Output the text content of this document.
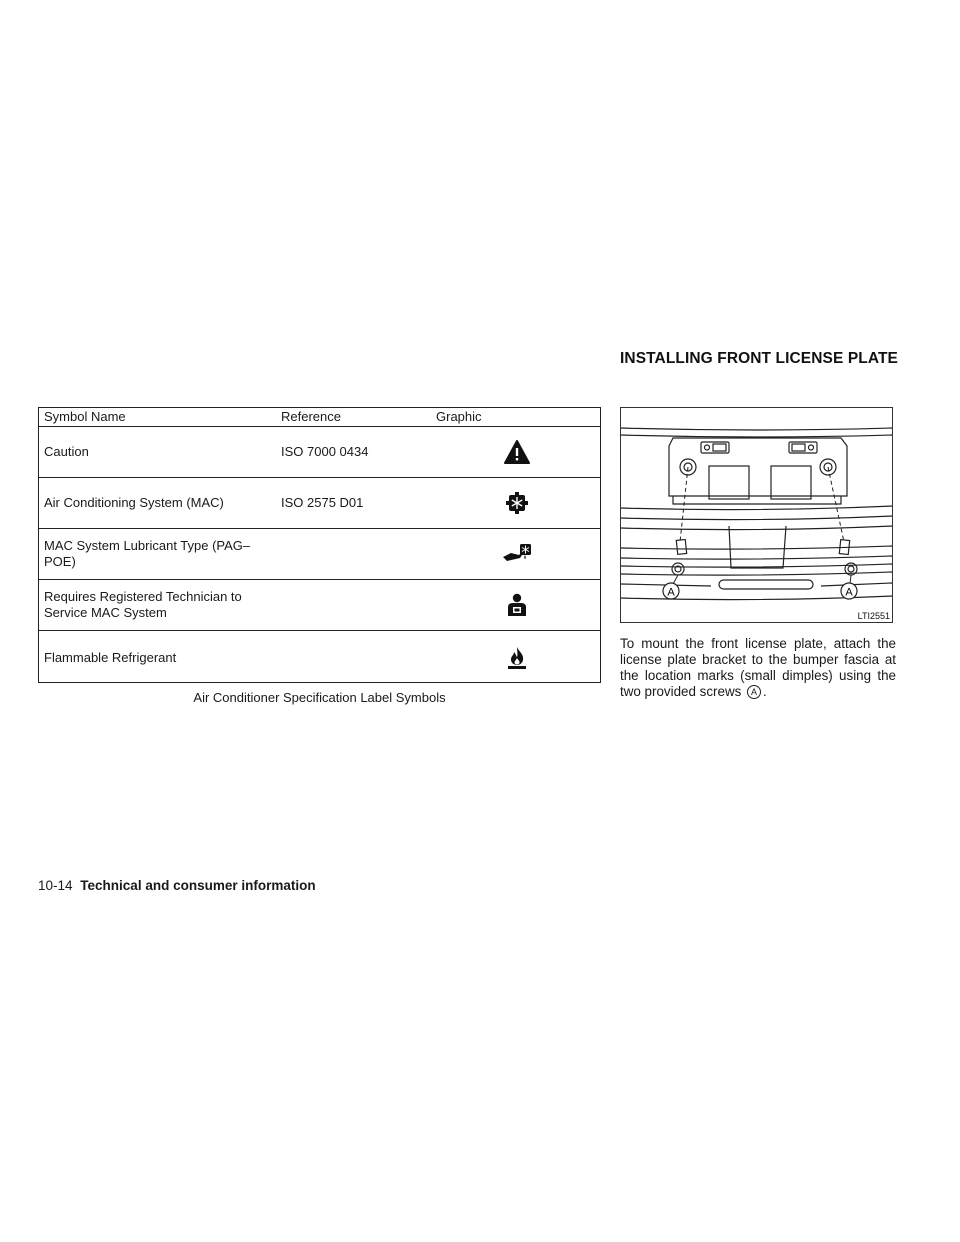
INSTALLING FRONT LICENSE PLATE
Symbol Name	Reference	Graphic
Caution	ISO 7000 0434
Air Conditioning System (MAC)	ISO 2575 D01
MAC System Lubricant Type (PAG–POE)
Requires Registered Technician to Service MAC System
Flammable Refrigerant
Air Conditioner Specification Label Symbols
A	A
LTI2551
To mount the front license plate, attach the license plate bracket to the bumper fascia at the location marks (small dimples) using the two provided screws A .
10-14 Technical and consumer information
